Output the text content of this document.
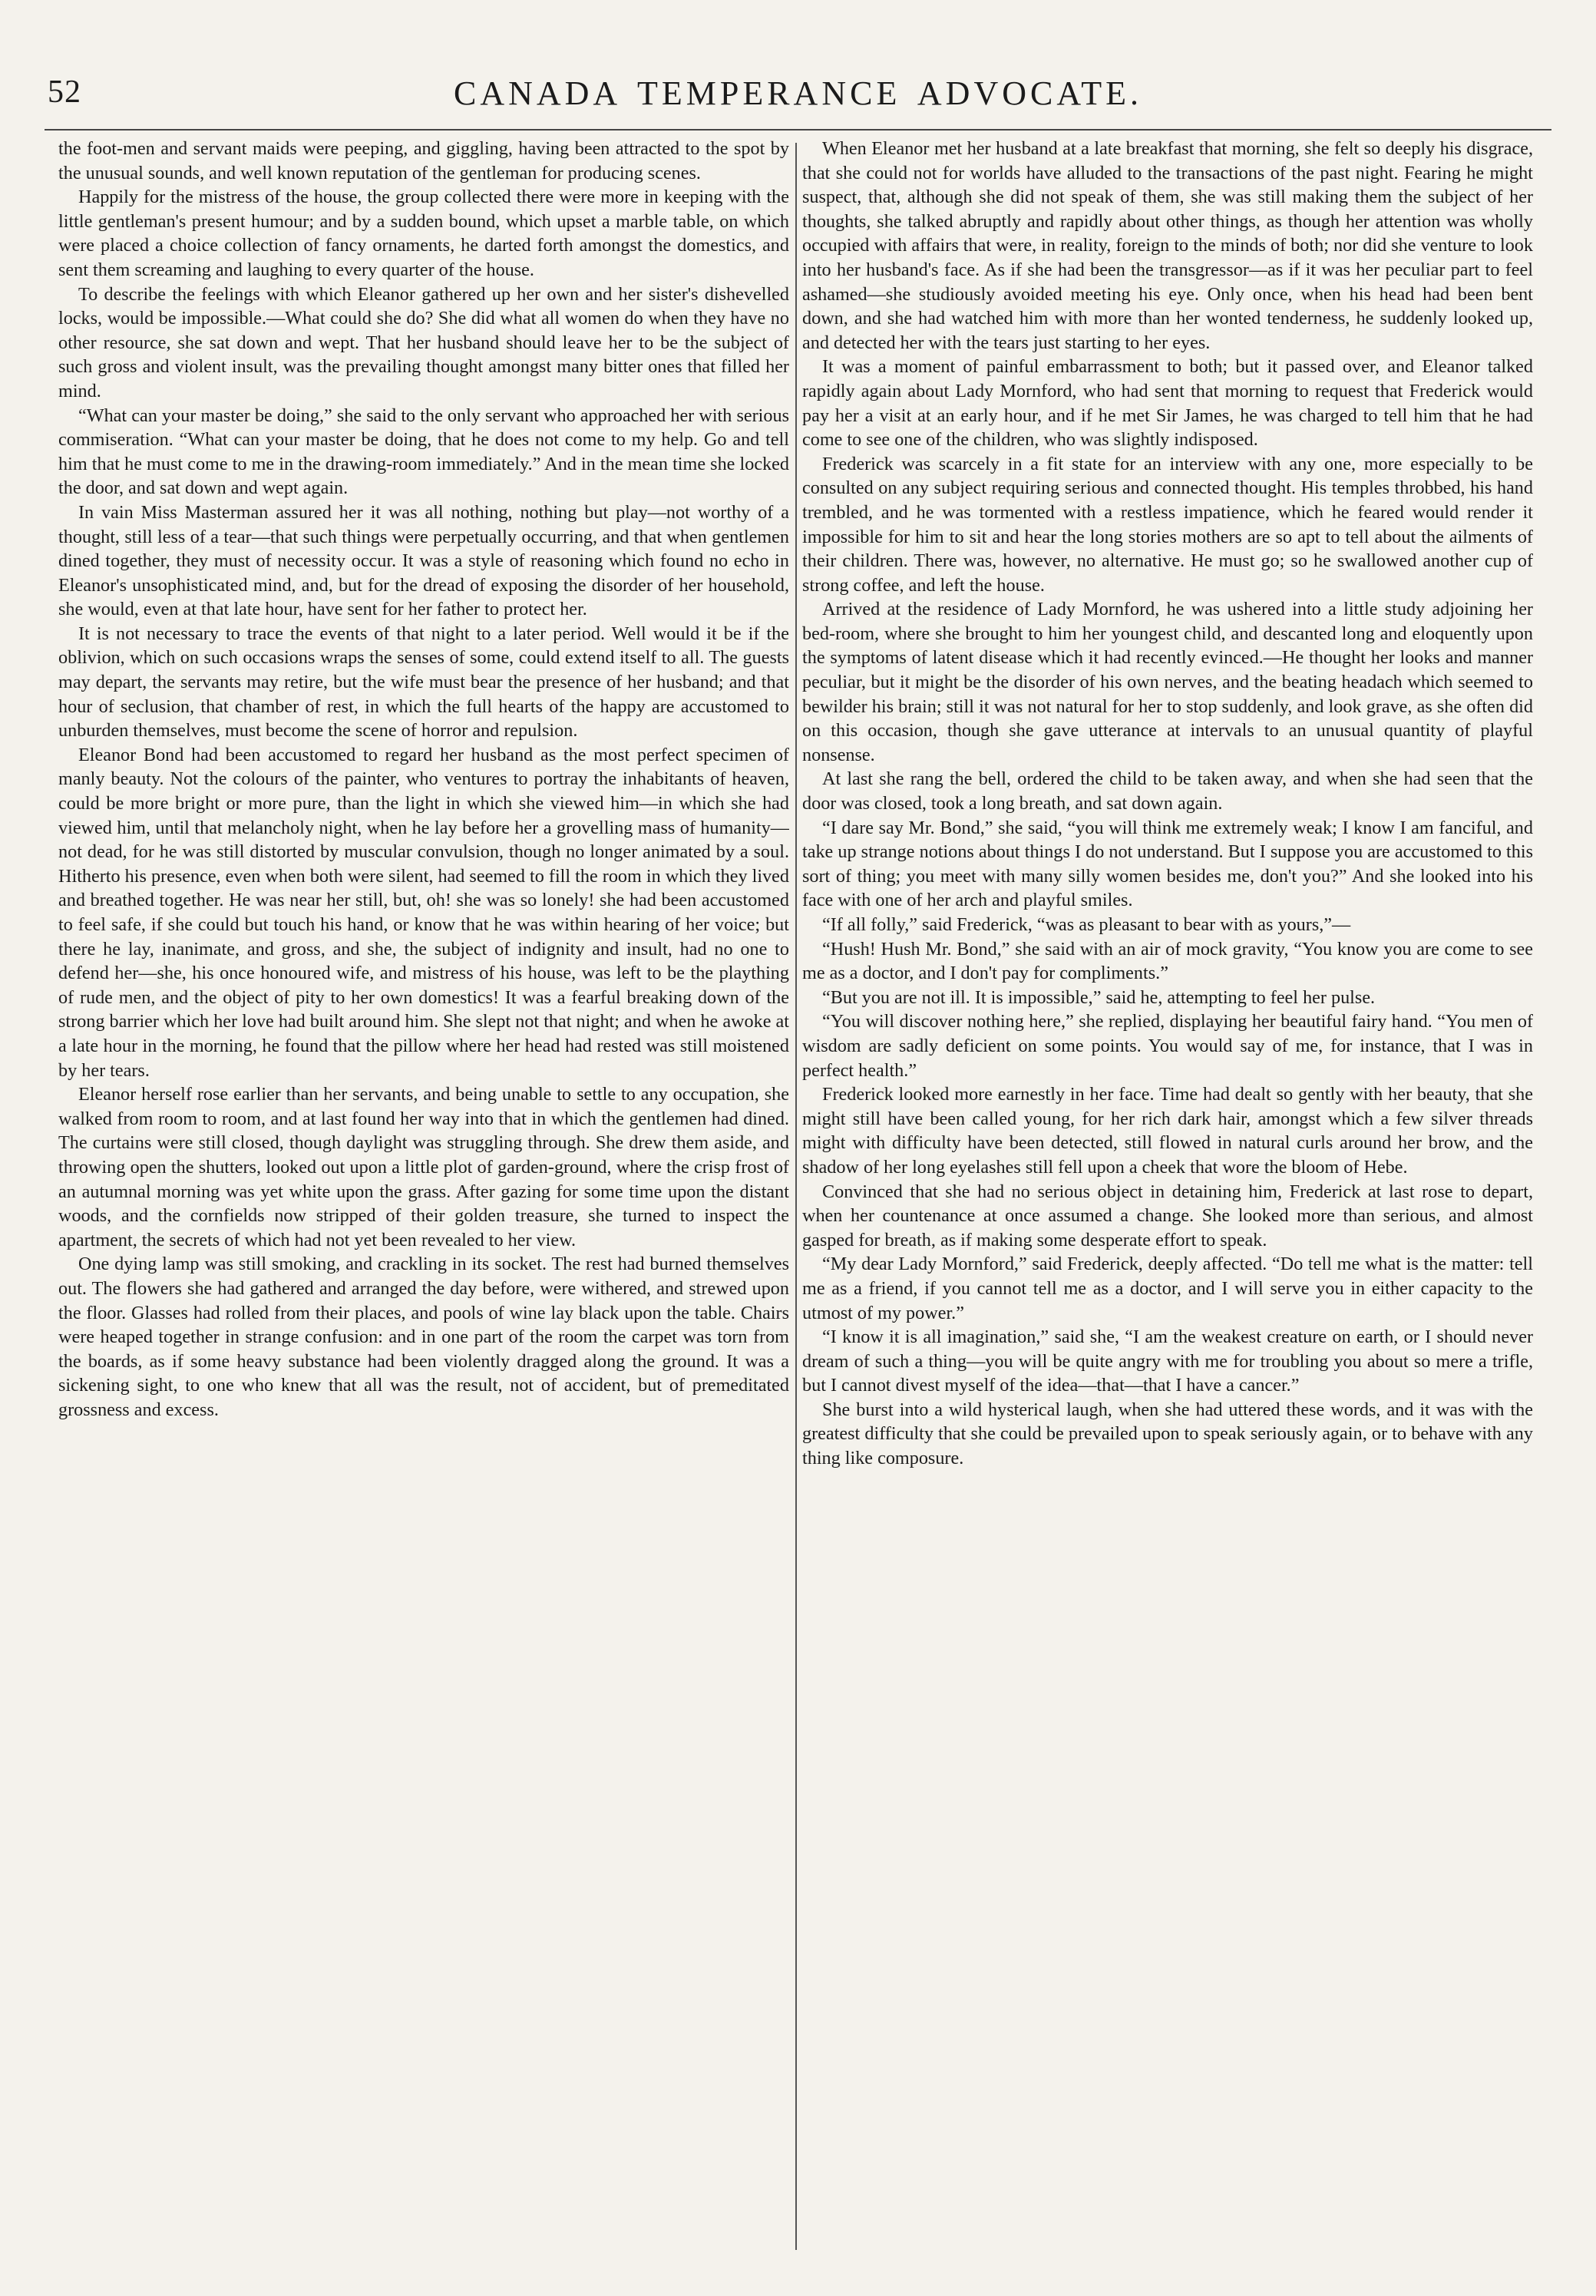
52	CANADA TEMPERANCE ADVOCATE.

the foot-men and servant maids were peeping, and giggling, having been attracted to the spot by the unusual sounds, and well known reputation of the gentleman for producing scenes.

Happily for the mistress of the house, the group collected there were more in keeping with the little gentleman's present humour; and by a sudden bound, which upset a marble table, on which were placed a choice collection of fancy ornaments, he darted forth amongst the domestics, and sent them screaming and laughing to every quarter of the house.

To describe the feelings with which Eleanor gathered up her own and her sister's dishevelled locks, would be impossible.—What could she do? She did what all women do when they have no other resource, she sat down and wept. That her husband should leave her to be the subject of such gross and violent insult, was the prevailing thought amongst many bitter ones that filled her mind.

“What can your master be doing,” she said to the only servant who approached her with serious commiseration. “What can your master be doing, that he does not come to my help. Go and tell him that he must come to me in the drawing-room immediately.” And in the mean time she locked the door, and sat down and wept again.

In vain Miss Masterman assured her it was all nothing, nothing but play—not worthy of a thought, still less of a tear—that such things were perpetually occurring, and that when gentlemen dined together, they must of necessity occur. It was a style of reasoning which found no echo in Eleanor's unsophisticated mind, and, but for the dread of exposing the disorder of her household, she would, even at that late hour, have sent for her father to protect her.

It is not necessary to trace the events of that night to a later period. Well would it be if the oblivion, which on such occasions wraps the senses of some, could extend itself to all. The guests may depart, the servants may retire, but the wife must bear the presence of her husband; and that hour of seclusion, that chamber of rest, in which the full hearts of the happy are accustomed to unburden themselves, must become the scene of horror and repulsion.

Eleanor Bond had been accustomed to regard her husband as the most perfect specimen of manly beauty. Not the colours of the painter, who ventures to portray the inhabitants of heaven, could be more bright or more pure, than the light in which she viewed him—in which she had viewed him, until that melancholy night, when he lay before her a grovelling mass of humanity—not dead, for he was still distorted by muscular convulsion, though no longer animated by a soul. Hitherto his presence, even when both were silent, had seemed to fill the room in which they lived and breathed together. He was near her still, but, oh! she was so lonely! she had been accustomed to feel safe, if she could but touch his hand, or know that he was within hearing of her voice; but there he lay, inanimate, and gross, and she, the subject of indignity and insult, had no one to defend her—she, his once honoured wife, and mistress of his house, was left to be the plaything of rude men, and the object of pity to her own domestics! It was a fearful breaking down of the strong barrier which her love had built around him. She slept not that night; and when he awoke at a late hour in the morning, he found that the pillow where her head had rested was still moistened by her tears.

Eleanor herself rose earlier than her servants, and being unable to settle to any occupation, she walked from room to room, and at last found her way into that in which the gentlemen had dined. The curtains were still closed, though daylight was struggling through. She drew them aside, and throwing open the shutters, looked out upon a little plot of garden-ground, where the crisp frost of an autumnal morning was yet white upon the grass. After gazing for some time upon the distant woods, and the cornfields now stripped of their golden treasure, she turned to inspect the apartment, the secrets of which had not yet been revealed to her view.

One dying lamp was still smoking, and crackling in its socket. The rest had burned themselves out. The flowers she had gathered and arranged the day before, were withered, and strewed upon the floor. Glasses had rolled from their places, and pools of wine lay black upon the table. Chairs were heaped together in strange confusion: and in one part of the room the carpet was torn from the boards, as if some heavy substance had been violently dragged along the ground. It was a sickening sight, to one who knew that all was the result, not of accident, but of premeditated grossness and excess.

When Eleanor met her husband at a late breakfast that morning, she felt so deeply his disgrace, that she could not for worlds have alluded to the transactions of the past night. Fearing he might suspect, that, although she did not speak of them, she was still making them the subject of her thoughts, she talked abruptly and rapidly about other things, as though her attention was wholly occupied with affairs that were, in reality, foreign to the minds of both; nor did she venture to look into her husband's face. As if she had been the transgressor—as if it was her peculiar part to feel ashamed—she studiously avoided meeting his eye. Only once, when his head had been bent down, and she had watched him with more than her wonted tenderness, he suddenly looked up, and detected her with the tears just starting to her eyes.

It was a moment of painful embarrassment to both; but it passed over, and Eleanor talked rapidly again about Lady Mornford, who had sent that morning to request that Frederick would pay her a visit at an early hour, and if he met Sir James, he was charged to tell him that he had come to see one of the children, who was slightly indisposed.

Frederick was scarcely in a fit state for an interview with any one, more especially to be consulted on any subject requiring serious and connected thought. His temples throbbed, his hand trembled, and he was tormented with a restless impatience, which he feared would render it impossible for him to sit and hear the long stories mothers are so apt to tell about the ailments of their children. There was, however, no alternative. He must go; so he swallowed another cup of strong coffee, and left the house.

Arrived at the residence of Lady Mornford, he was ushered into a little study adjoining her bed-room, where she brought to him her youngest child, and descanted long and eloquently upon the symptoms of latent disease which it had recently evinced.—He thought her looks and manner peculiar, but it might be the disorder of his own nerves, and the beating headach which seemed to bewilder his brain; still it was not natural for her to stop suddenly, and look grave, as she often did on this occasion, though she gave utterance at intervals to an unusual quantity of playful nonsense.

At last she rang the bell, ordered the child to be taken away, and when she had seen that the door was closed, took a long breath, and sat down again.

“I dare say Mr. Bond,” she said, “you will think me extremely weak; I know I am fanciful, and take up strange notions about things I do not understand. But I suppose you are accustomed to this sort of thing; you meet with many silly women besides me, don't you?” And she looked into his face with one of her arch and playful smiles.

“If all folly,” said Frederick, “was as pleasant to bear with as yours,”—

“Hush! Hush Mr. Bond,” she said with an air of mock gravity, “You know you are come to see me as a doctor, and I don't pay for compliments.”

“But you are not ill. It is impossible,” said he, attempting to feel her pulse.

“You will discover nothing here,” she replied, displaying her beautiful fairy hand. “You men of wisdom are sadly deficient on some points. You would say of me, for instance, that I was in perfect health.”

Frederick looked more earnestly in her face. Time had dealt so gently with her beauty, that she might still have been called young, for her rich dark hair, amongst which a few silver threads might with difficulty have been detected, still flowed in natural curls around her brow, and the shadow of her long eyelashes still fell upon a cheek that wore the bloom of Hebe.

Convinced that she had no serious object in detaining him, Frederick at last rose to depart, when her countenance at once assumed a change. She looked more than serious, and almost gasped for breath, as if making some desperate effort to speak.

“My dear Lady Mornford,” said Frederick, deeply affected. “Do tell me what is the matter: tell me as a friend, if you cannot tell me as a doctor, and I will serve you in either capacity to the utmost of my power.”

“I know it is all imagination,” said she, “I am the weakest creature on earth, or I should never dream of such a thing—you will be quite angry with me for troubling you about so mere a trifle, but I cannot divest myself of the idea—that—that I have a cancer.”

She burst into a wild hysterical laugh, when she had uttered these words, and it was with the greatest difficulty that she could be prevailed upon to speak seriously again, or to behave with any thing like composure.
